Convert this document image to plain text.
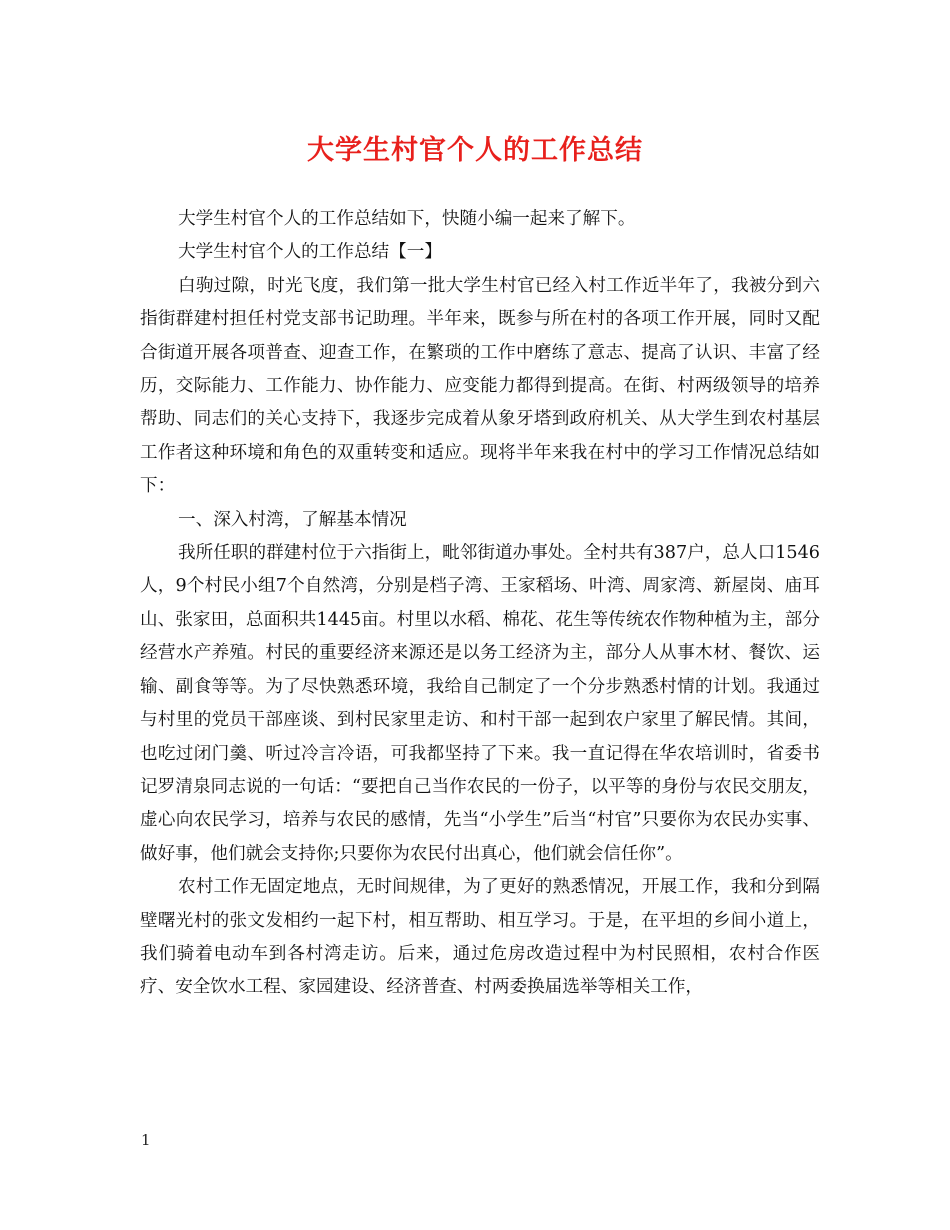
大学生村官个人的工作总结

大学生村官个人的工作总结如下，快随小编一起来了解下。

大学生村官个人的工作总结【一】

白驹过隙，时光飞度，我们第一批大学生村官已经入村工作近半年了，我被分到六指街群建村担任村党支部书记助理。半年来，既参与所在村的各项工作开展，同时又配合街道开展各项普查、迎查工作，在繁琐的工作中磨练了意志、提高了认识、丰富了经历，交际能力、工作能力、协作能力、应变能力都得到提高。在街、村两级领导的培养帮助、同志们的关心支持下，我逐步完成着从象牙塔到政府机关、从大学生到农村基层工作者这种环境和角色的双重转变和适应。现将半年来我在村中的学习工作情况总结如下：

一、深入村湾，了解基本情况

我所任职的群建村位于六指街上，毗邻街道办事处。全村共有387户，总人口1546人，9个村民小组7个自然湾，分别是档子湾、王家稻场、叶湾、周家湾、新屋岗、庙耳山、张家田，总面积共1445亩。村里以水稻、棉花、花生等传统农作物种植为主，部分经营水产养殖。村民的重要经济来源还是以务工经济为主，部分人从事木材、餐饮、运输、副食等等。为了尽快熟悉环境，我给自己制定了一个分步熟悉村情的计划。我通过与村里的党员干部座谈、到村民家里走访、和村干部一起到农户家里了解民情。其间，也吃过闭门羹、听过冷言冷语，可我都坚持了下来。我一直记得在华农培训时，省委书记罗清泉同志说的一句话：“要把自己当作农民的一份子，以平等的身份与农民交朋友，虚心向农民学习，培养与农民的感情，先当“小学生”后当“村官”只要你为农民办实事、做好事，他们就会支持你;只要你为农民付出真心，他们就会信任你”。

农村工作无固定地点，无时间规律，为了更好的熟悉情况，开展工作，我和分到隔壁曙光村的张文发相约一起下村，相互帮助、相互学习。于是，在平坦的乡间小道上，我们骑着电动车到各村湾走访。后来，通过危房改造过程中为村民照相，农村合作医疗、安全饮水工程、家园建设、经济普查、村两委换届选举等相关工作，

1
